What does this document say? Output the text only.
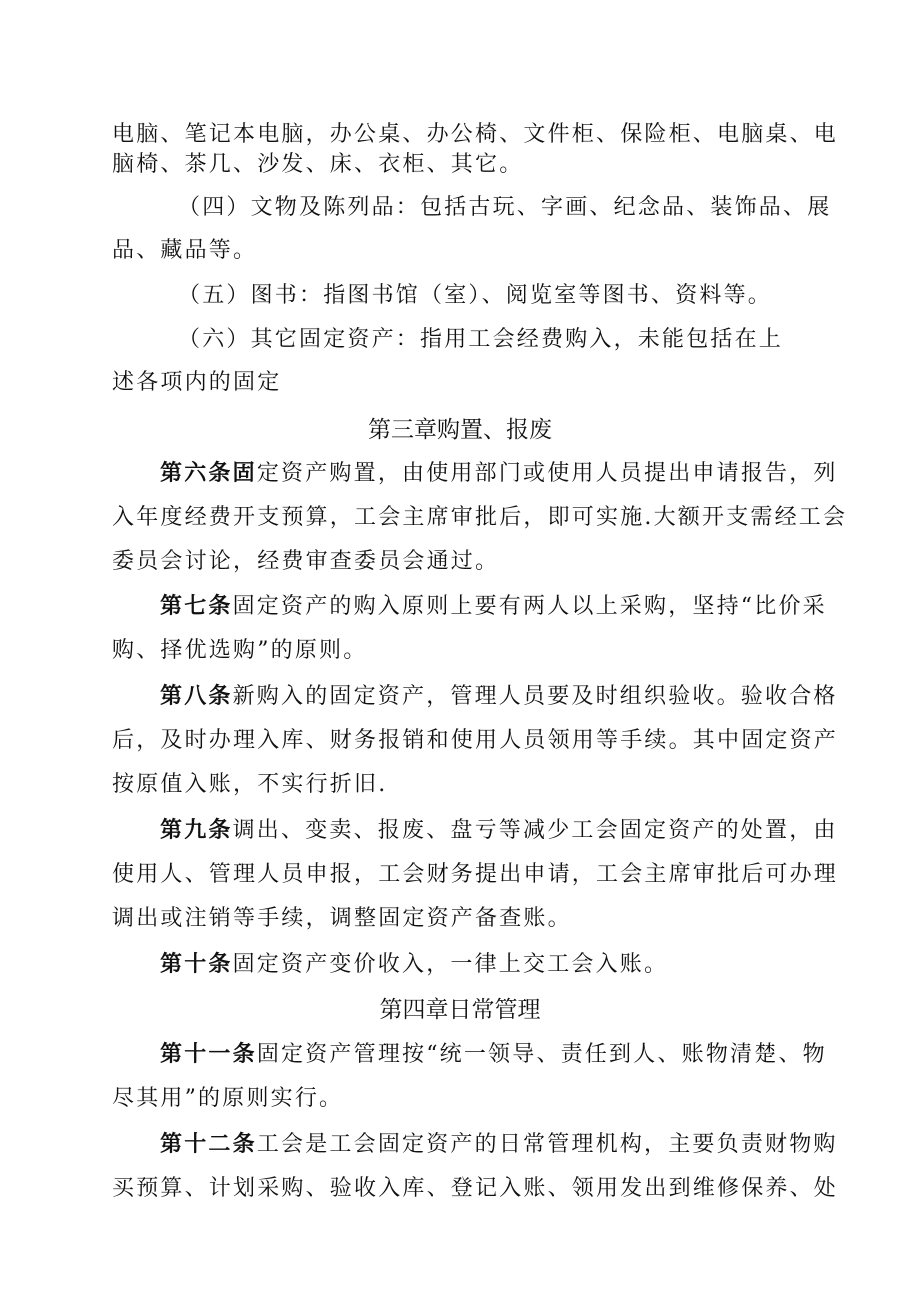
电脑、笔记本电脑，办公桌、办公椅、文件柜、保险柜、电脑桌、电
脑椅、茶几、沙发、床、衣柜、其它。
（四）文物及陈列品：包括古玩、字画、纪念品、装饰品、展
品、藏品等。
（五）图书：指图书馆（室）、阅览室等图书、资料等。
（六）其它固定资产：指用工会经费购入，未能包括在上
述各项内的固定
第三章购置、报废
第六条固定资产购置，由使用部门或使用人员提出申请报告，列
入年度经费开支预算，工会主席审批后，即可实施.大额开支需经工会
委员会讨论，经费审查委员会通过。
第七条固定资产的购入原则上要有两人以上采购，坚持“比价采
购、择优选购”的原则。
第八条新购入的固定资产，管理人员要及时组织验收。验收合格
后，及时办理入库、财务报销和使用人员领用等手续。其中固定资产
按原值入账，不实行折旧.
第九条调出、变卖、报废、盘亏等减少工会固定资产的处置，由
使用人、管理人员申报，工会财务提出申请，工会主席审批后可办理
调出或注销等手续，调整固定资产备查账。
第十条固定资产变价收入，一律上交工会入账。
第四章日常管理
第十一条固定资产管理按“统一领导、责任到人、账物清楚、物
尽其用”的原则实行。
第十二条工会是工会固定资产的日常管理机构，主要负责财物购
买预算、计划采购、验收入库、登记入账、领用发出到维修保养、处
